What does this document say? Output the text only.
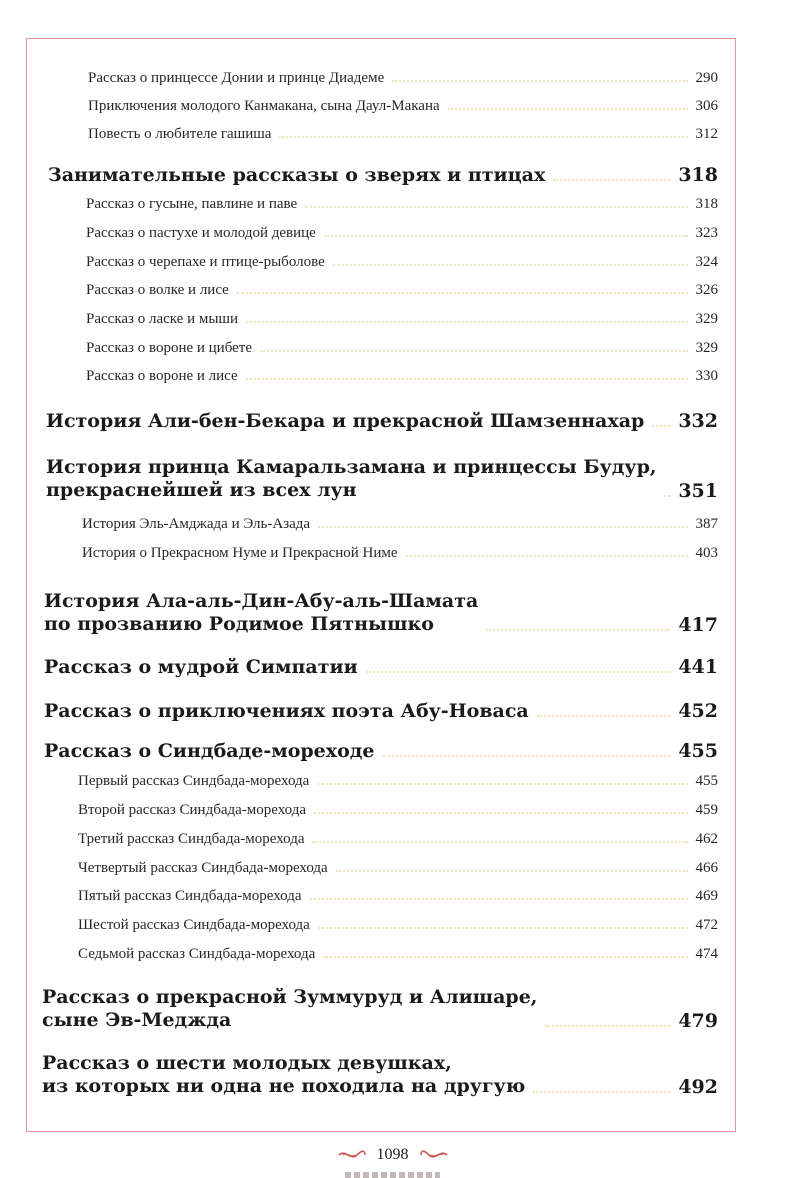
Рассказ о принцессе Донии и принце Диадеме	290
Приключения молодого Канмакана, сына Даул-Макана	306
Повесть о любителе гашиша	312
Занимательные рассказы о зверях и птицах	318
Рассказ о гусыне, павлине и паве	318
Рассказ о пастухе и молодой девице	323
Рассказ о черепахе и птице-рыболове	324
Рассказ о волке и лисе	326
Рассказ о ласке и мыши	329
Рассказ о вороне и цибете	329
Рассказ о вороне и лисе	330
История Али-бен-Бекара и прекрасной Шамзеннахар 332
История принца Камаральзамана и принцессы Будур,
прекраснейшей из всех лун	351
История Эль-Амджада и Эль-Азада	387
История о Прекрасном Нуме и Прекрасной Ниме	403
История Ала-аль-Дин-Абу-аль-Шамата
по прозванию Родимое Пятнышко	417
Рассказ о мудрой Симпатии	441
Рассказ о приключениях поэта Абу-Новаса	452
Рассказ о Синдбаде-мореходе	455
Первый рассказ Синдбада-морехода	455
Второй рассказ Синдбада-морехода	459
Третий рассказ Синдбада-морехода	462
Четвертый рассказ Синдбада-морехода	466
Пятый рассказ Синдбада-морехода	469
Шестой рассказ Синдбада-морехода	472
Седьмой рассказ Синдбада-морехода	474
Рассказ о прекрасной Зуммуруд и Алишаре,
сыне Эв-Меджда	479
Рассказ о шести молодых девушках,
из которых ни одна не походила на другую	492
1098
